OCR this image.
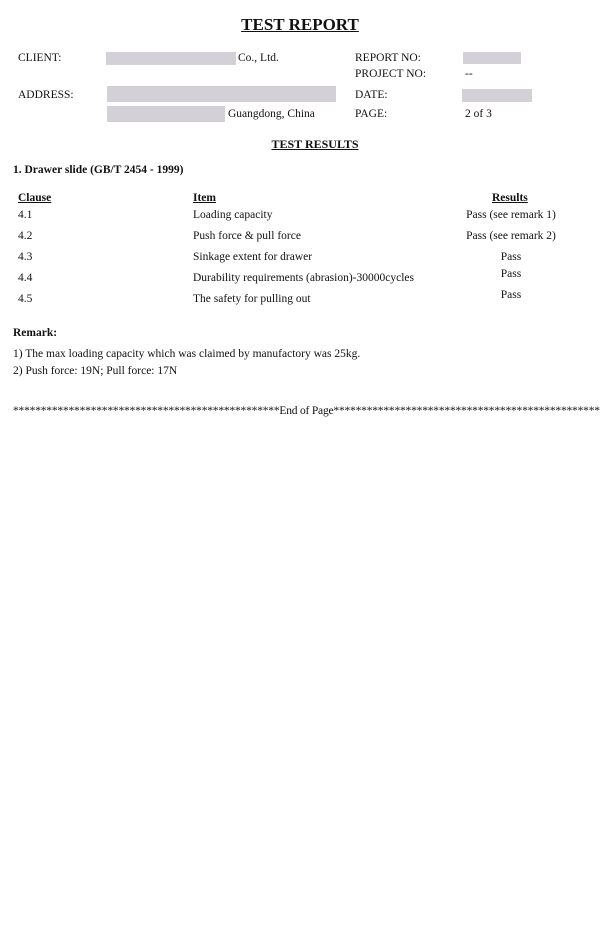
TEST REPORT
CLIENT:	Co., Ltd.	REPORT NO:
PROJECT NO:	--
ADDRESS:	DATE:
Guangdong, China	PAGE:	2 of 3
TEST RESULTS
1. Drawer slide (GB/T 2454 - 1999)
Clause	Item	Results
4.1	Loading capacity	Pass (see remark 1)
4.2	Push force & pull force	Pass (see remark 2)
4.3	Sinkage extent for drawer	Pass
4.4	Durability requirements (abrasion)-30000cycles	Pass
4.5	The safety for pulling out	Pass
Remark:
1) The max loading capacity which was claimed by manufactory was 25kg.
2) Push force: 19N; Pull force: 17N
************************************************End of Page************************************************
